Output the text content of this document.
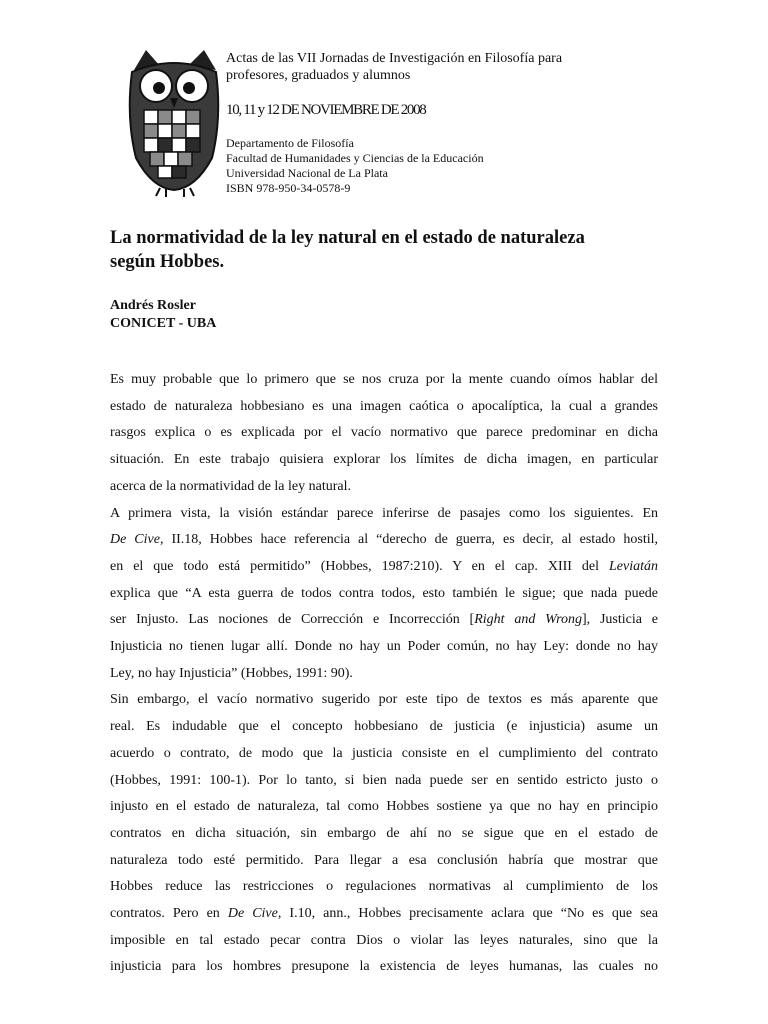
Actas de las VII Jornadas de Investigación en Filosofía para

profesores, graduados y alumnos

10, 11 y 12 DE NOVIEMBRE DE 2008

Departamento de Filosofía

Facultad de Humanidades y Ciencias de la Educación

Universidad Nacional de La Plata

ISBN 978-950-34-0578-9

La normatividad de la ley natural en el estado de naturaleza
según Hobbes.
Andrés Rosler
CONICET - UBA

Es muy probable que lo primero que se nos cruza por la mente cuando oímos hablar del
estado de naturaleza hobbesiano es una imagen caótica o apocalíptica, la cual a grandes
rasgos explica o es explicada por el vacío normativo que parece predominar en dicha
situación. En este trabajo quisiera explorar los límites de dicha imagen, en particular
acerca de la normatividad de la ley natural.

A primera vista, la visión estándar parece inferirse de pasajes como los siguientes. En
De Cive, II.18, Hobbes hace referencia al “derecho de guerra, es decir, al estado hostil,
en el que todo está permitido” (Hobbes, 1987:210). Y en el cap. XIII del Leviatán
explica que “A esta guerra de todos contra todos, esto también le sigue; que nada puede
ser Injusto. Las nociones de Corrección e Incorrección [Right and Wrong], Justicia e
Injusticia no tienen lugar allí. Donde no hay un Poder común, no hay Ley: donde no hay
Ley, no hay Injusticia” (Hobbes, 1991: 90).

Sin embargo, el vacío normativo sugerido por este tipo de textos es más aparente que
real. Es indudable que el concepto hobbesiano de justicia (e injusticia) asume un
acuerdo o contrato, de modo que la justicia consiste en el cumplimiento del contrato
(Hobbes, 1991: 100-1). Por lo tanto, si bien nada puede ser en sentido estricto justo o
injusto en el estado de naturaleza, tal como Hobbes sostiene ya que no hay en principio
contratos en dicha situación, sin embargo de ahí no se sigue que en el estado de
naturaleza todo esté permitido. Para llegar a esa conclusión habría que mostrar que
Hobbes reduce las restricciones o regulaciones normativas al cumplimiento de los
contratos. Pero en De Cive, I.10, ann., Hobbes precisamente aclara que “No es que sea
imposible en tal estado pecar contra Dios o violar las leyes naturales, sino que la
injusticia para los hombres presupone la existencia de leyes humanas, las cuales no
